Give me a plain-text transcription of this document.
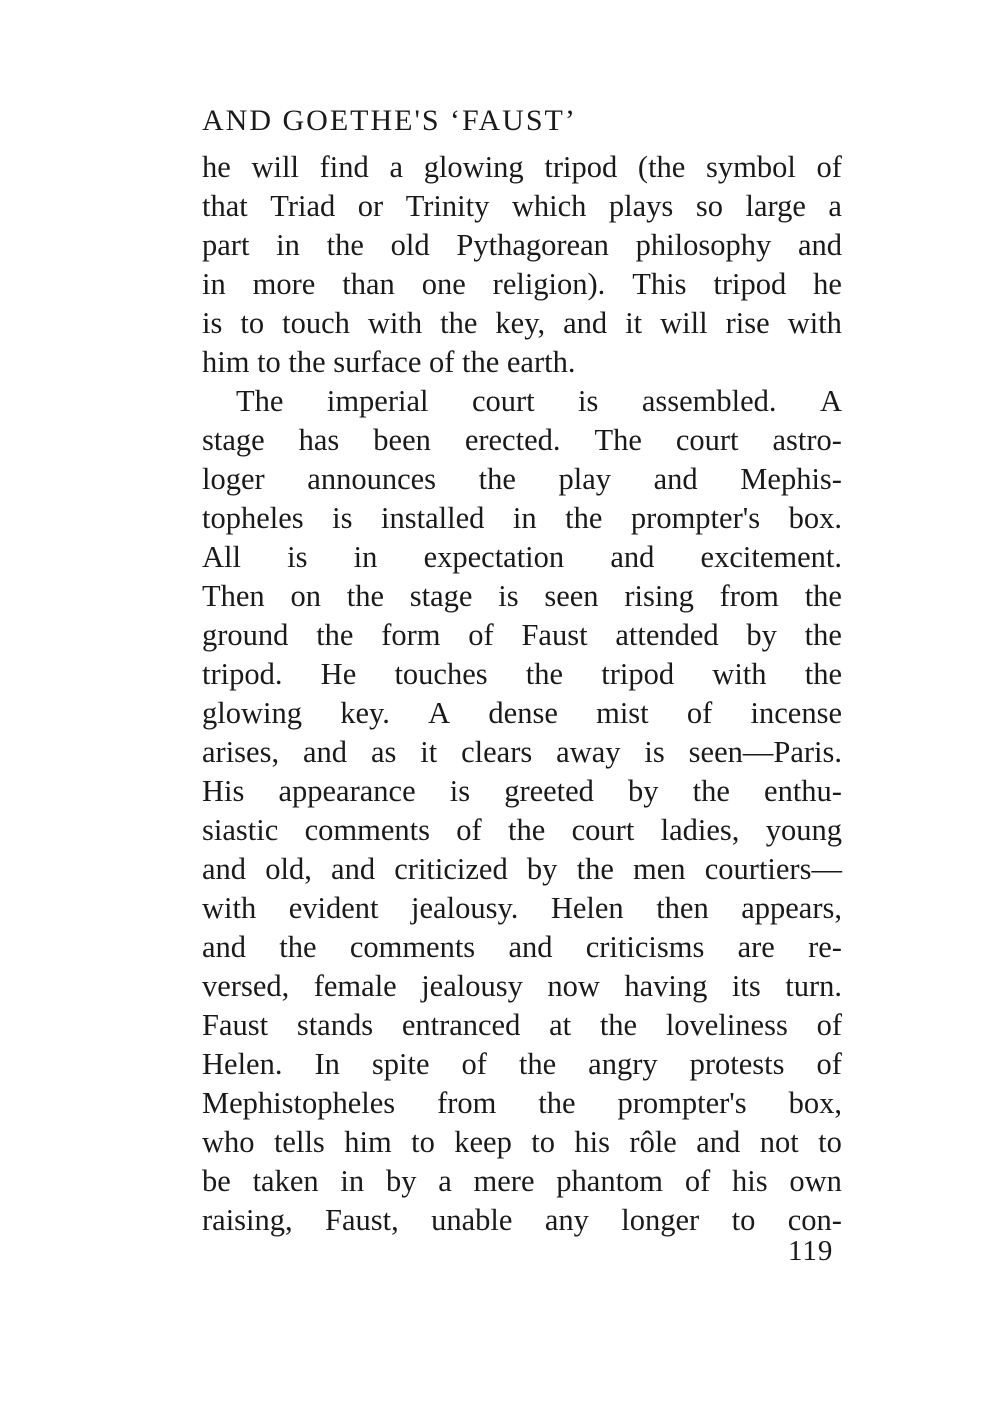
AND GOETHE'S ‘FAUST’
he will find a glowing tripod (the symbol of
that Triad or Trinity which plays so large a
part in the old Pythagorean philosophy and
in more than one religion). This tripod he
is to touch with the key, and it will rise with
him to the surface of the earth.
The imperial court is assembled. A
stage has been erected. The court astro-
loger announces the play and Mephis-
topheles is installed in the prompter's box.
All is in expectation and excitement.
Then on the stage is seen rising from the
ground the form of Faust attended by the
tripod. He touches the tripod with the
glowing key. A dense mist of incense
arises, and as it clears away is seen—Paris.
His appearance is greeted by the enthu-
siastic comments of the court ladies, young
and old, and criticized by the men courtiers—
with evident jealousy. Helen then appears,
and the comments and criticisms are re-
versed, female jealousy now having its turn.
Faust stands entranced at the loveliness of
Helen. In spite of the angry protests of
Mephistopheles from the prompter's box,
who tells him to keep to his rôle and not to
be taken in by a mere phantom of his own
raising, Faust, unable any longer to con-
119
